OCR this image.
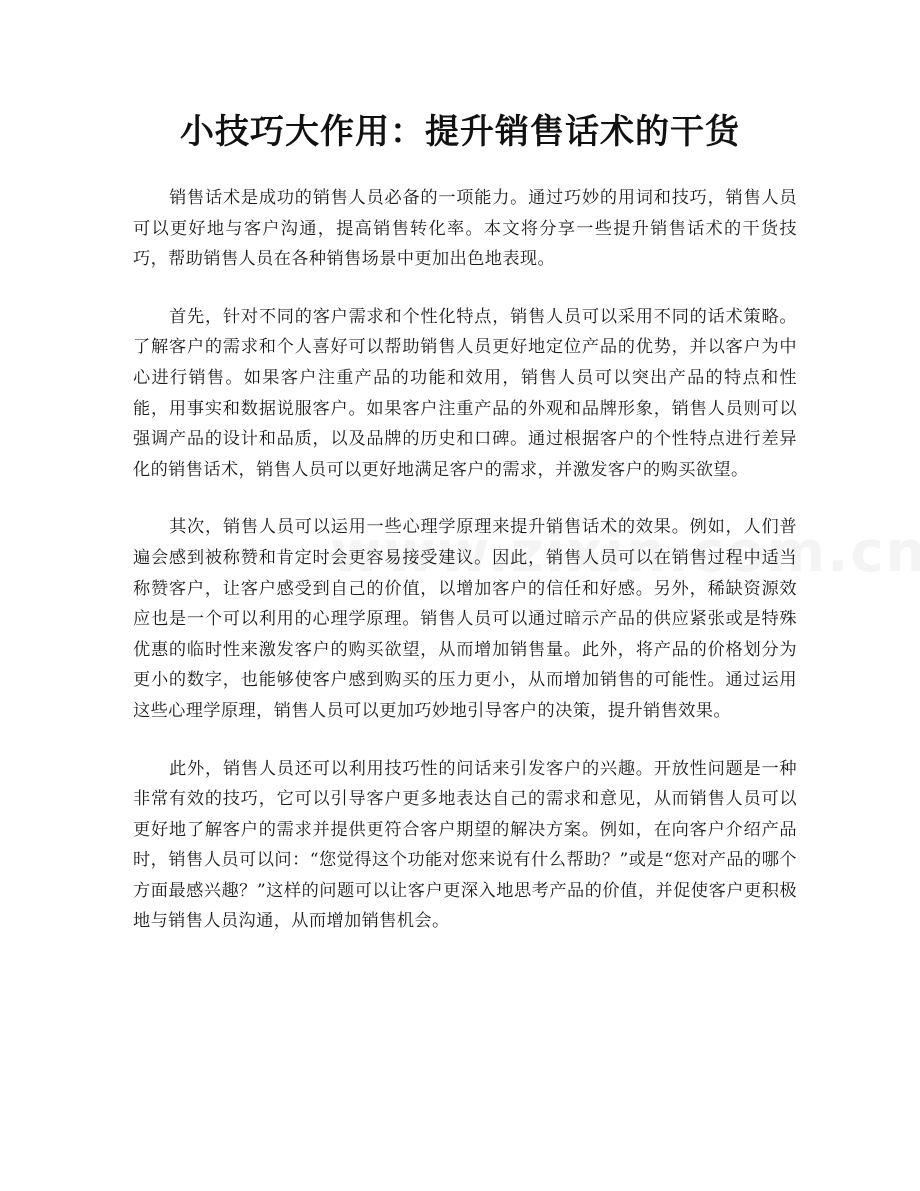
小技巧大作用：提升销售话术的干货

销售话术是成功的销售人员必备的一项能力。通过巧妙的用词和技巧，销售人员可以更好地与客户沟通，提高销售转化率。本文将分享一些提升销售话术的干货技巧，帮助销售人员在各种销售场景中更加出色地表现。

首先，针对不同的客户需求和个性化特点，销售人员可以采用不同的话术策略。了解客户的需求和个人喜好可以帮助销售人员更好地定位产品的优势，并以客户为中心进行销售。如果客户注重产品的功能和效用，销售人员可以突出产品的特点和性能，用事实和数据说服客户。如果客户注重产品的外观和品牌形象，销售人员则可以强调产品的设计和品质，以及品牌的历史和口碑。通过根据客户的个性特点进行差异化的销售话术，销售人员可以更好地满足客户的需求，并激发客户的购买欲望。

其次，销售人员可以运用一些心理学原理来提升销售话术的效果。例如，人们普遍会感到被称赞和肯定时会更容易接受建议。因此，销售人员可以在销售过程中适当称赞客户，让客户感受到自己的价值，以增加客户的信任和好感。另外，稀缺资源效应也是一个可以利用的心理学原理。销售人员可以通过暗示产品的供应紧张或是特殊优惠的临时性来激发客户的购买欲望，从而增加销售量。此外，将产品的价格划分为更小的数字，也能够使客户感到购买的压力更小，从而增加销售的可能性。通过运用这些心理学原理，销售人员可以更加巧妙地引导客户的决策，提升销售效果。

此外，销售人员还可以利用技巧性的问话来引发客户的兴趣。开放性问题是一种非常有效的技巧，它可以引导客户更多地表达自己的需求和意见，从而销售人员可以更好地了解客户的需求并提供更符合客户期望的解决方案。例如，在向客户介绍产品时，销售人员可以问：“您觉得这个功能对您来说有什么帮助？”或是“您对产品的哪个方面最感兴趣？”这样的问题可以让客户更深入地思考产品的价值，并促使客户更积极地与销售人员沟通，从而增加销售机会。
